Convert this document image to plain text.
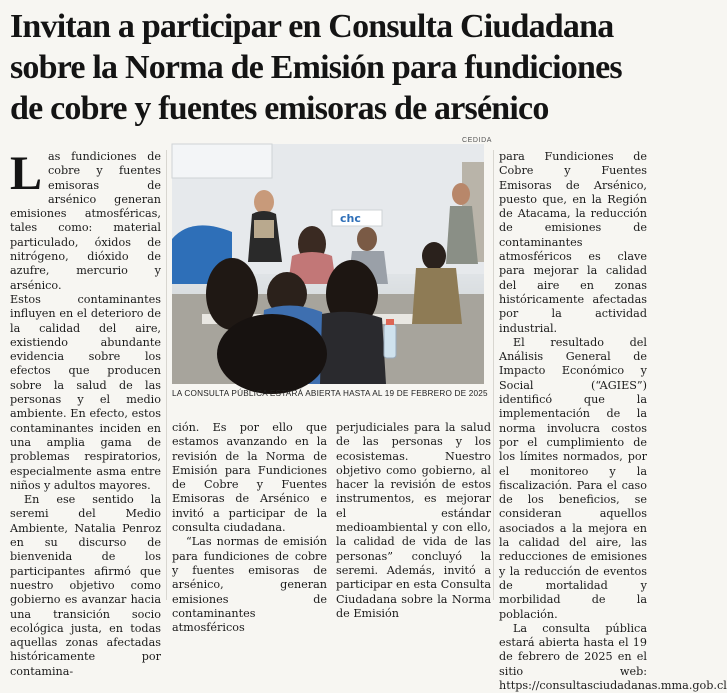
Invitan a participar en Consulta Ciudadana sobre la Norma de Emisión para fundiciones de cobre y fuentes emisoras de arsénico
CEDIDA

Las fundiciones de cobre y fuentes emisoras de arsénico generan emisiones atmosféricas, tales como: material particulado, óxidos de nitrógeno, dióxido de azufre, mercurio y arsénico.

Estos contaminantes influyen en el deterioro de la calidad del aire, existiendo abundante evidencia sobre los efectos que producen sobre la salud de las personas y el medio ambiente. En efecto, estos contaminantes inciden en una amplia gama de problemas respiratorios, especialmente asma entre niños y adultos mayores.

En ese sentido la seremi del Medio Ambiente, Natalia Penroz en su discurso de bienvenida de los participantes afirmó que nuestro objetivo como gobierno es avanzar hacia una transición socio ecológica justa, en todas aquellas zonas afectadas históricamente por contamina-

chc
LA CONSULTA PÚBLICA ESTARÁ ABIERTA HASTA AL 19 DE FEBRERO DE 2025

ción. Es por ello que estamos avanzando en la revisión de la Norma de Emisión para Fundiciones de Cobre y Fuentes Emisoras de Arsénico e invitó a participar de la consulta ciudadana.

“Las normas de emisión para fundiciones de cobre y fuentes emisoras de arsénico, generan emisiones de contaminantes atmosféricos

perjudiciales para la salud de las personas y los ecosistemas. Nuestro objetivo como gobierno, al hacer la revisión de estos instrumentos, es mejorar el estándar medioambiental y con ello, la calidad de vida de las personas” concluyó la seremi. Además, invitó a participar en esta Consulta Ciudadana sobre la Norma de Emisión

para Fundiciones de Cobre y Fuentes Emisoras de Arsénico, puesto que, en la Región de Atacama, la reducción de emisiones de contaminantes atmosféricos es clave para mejorar la calidad del aire en zonas históricamente afectadas por la actividad industrial.

El resultado del Análisis General de Impacto Económico y Social (“AGIES”) identificó que la implementación de la norma involucra costos por el cumplimiento de los límites normados, por el monitoreo y la fiscalización. Para el caso de los beneficios, se consideran aquellos asociados a la mejora en la calidad del aire, las reducciones de emisiones y la reducción de eventos de mortalidad y morbilidad de la población.

La consulta pública estará abierta hasta el 19 de febrero de 2025 en el sitio web: https://consultasciudadanas.mma.gob.cl
